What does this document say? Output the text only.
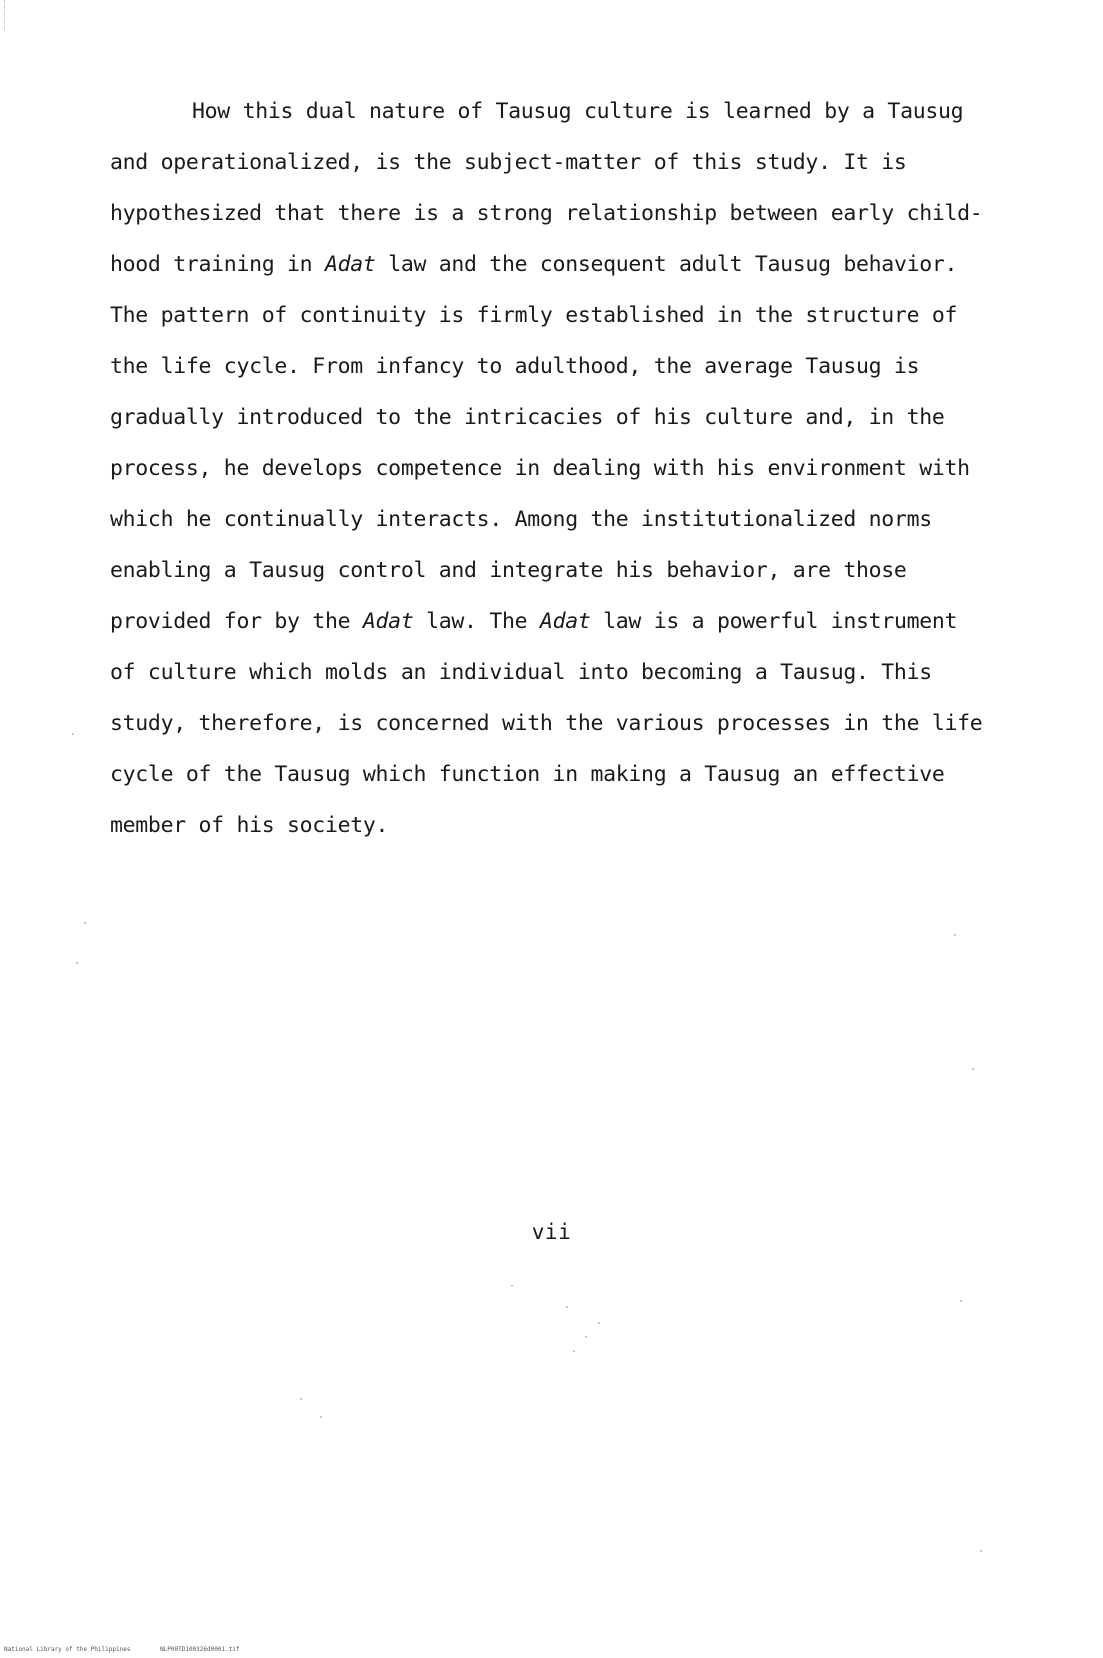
How this dual nature of Tausug culture is learned by a Tausug
and operationalized, is the subject-matter of this study. It is
hypothesized that there is a strong relationship between early child-
hood training in Adat law and the consequent adult Tausug behavior.
The pattern of continuity is firmly established in the structure of
the life cycle. From infancy to adulthood, the average Tausug is
gradually introduced to the intricacies of his culture and, in the
process, he develops competence in dealing with his environment with
which he continually interacts. Among the institutionalized norms
enabling a Tausug control and integrate his behavior, are those
provided for by the Adat law. The Adat law is a powerful instrument
of culture which molds an individual into becoming a Tausug. This
study, therefore, is concerned with the various processes in the life
cycle of the Tausug which function in making a Tausug an effective
member of his society.
vii
National Library of the Philippines	NLP00TD100326d0001.tif
